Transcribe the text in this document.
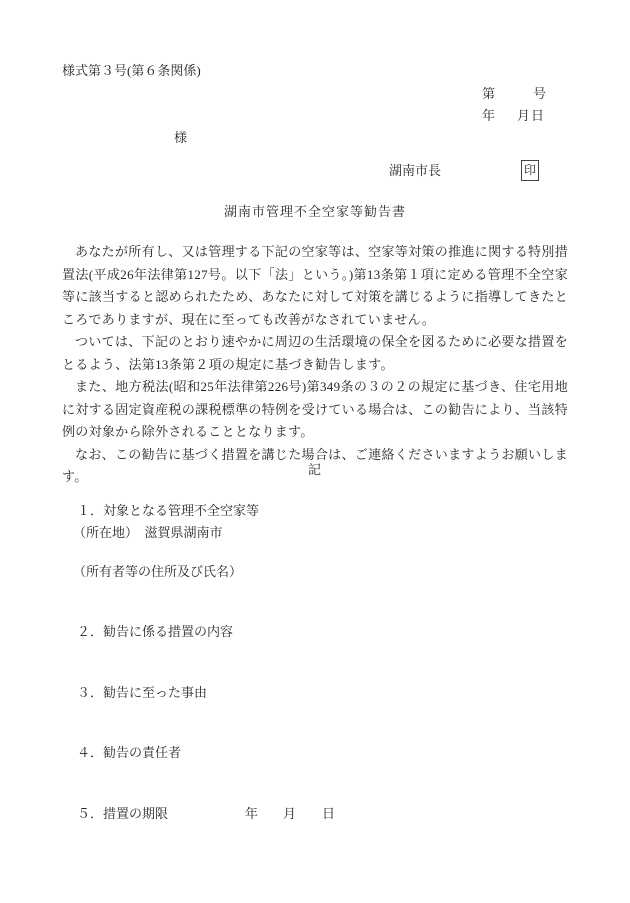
様式第３号(第６条関係)
第	号
年 月 日
様
湖南市長	印
湖南市管理不全空家等勧告書

あなたが所有し、又は管理する下記の空家等は、空家等対策の推進に関する特別措置法(平成26年法律第127号。以下「法」という。)第13条第１項に定める管理不全空家等に該当すると認められたため、あなたに対して対策を講じるように指導してきたところでありますが、現在に至っても改善がなされていません。

ついては、下記のとおり速やかに周辺の生活環境の保全を図るために必要な措置をとるよう、法第13条第２項の規定に基づき勧告します。

また、地方税法(昭和25年法律第226号)第349条の３の２の規定に基づき、住宅用地に対する固定資産税の課税標準の特例を受けている場合は、この勧告により、当該特例の対象から除外されることとなります。

なお、この勧告に基づく措置を講じた場合は、ご連絡くださいますようお願いします。	記
１．対象となる管理不全空家等
（所在地）　滋賀県湖南市
（所有者等の住所及び氏名）
２．勧告に係る措置の内容
３．勧告に至った事由
４．勧告の責任者
５．措置の期限	年 月 日
